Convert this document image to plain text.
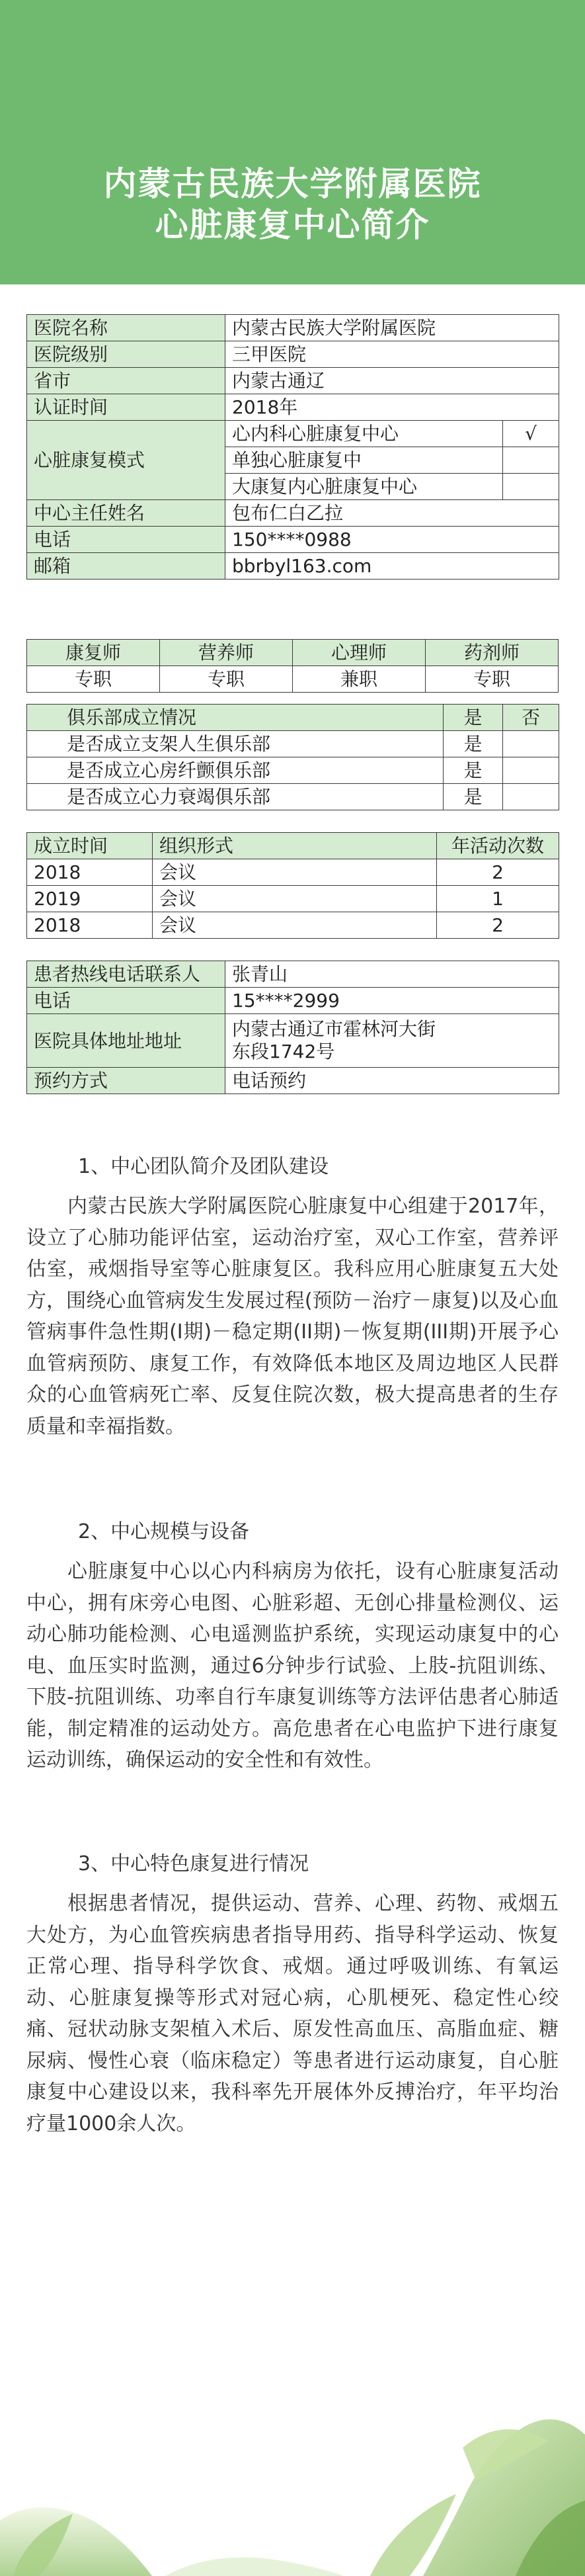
内蒙古民族大学附属医院
心脏康复中心简介
医院名称	内蒙古民族大学附属医院	
医院级别	三甲医院	
省市	内蒙古通辽	
认证时间	2018年	
心脏康复模式	心内科心脏康复中心	√
	单独心脏康复中	
	大康复内心脏康复中心	
中心主任姓名	包布仁白乙拉	
电话	150****0988	
邮箱	bbrbyl163.com	
康复师	营养师	心理师	药剂师
专职	专职	兼职	专职
俱乐部成立情况	是	否
是否成立支架人生俱乐部	是	
是否成立心房纤颤俱乐部	是	
是否成立心力衰竭俱乐部	是	
成立时间	组织形式	年活动次数
2018	会议	2
2019	会议	1
2018	会议	2
患者热线电话联系人	张青山
电话	15****2999
医院具体地址地址	内蒙古通辽市霍林河大街
东段1742号
预约方式	电话预约

1、中心团队简介及团队建设

内蒙古民族大学附属医院心脏康复中心组建于2017年，设立了心肺功能评估室，运动治疗室，双心工作室，营养评估室，戒烟指导室等心脏康复区。我科应用心脏康复五大处方，围绕心血管病发生发展过程(预防－治疗－康复)以及心血管病事件急性期(I期)－稳定期(II期)－恢复期(III期)开展予心血管病预防、康复工作，有效降低本地区及周边地区人民群众的心血管病死亡率、反复住院次数，极大提高患者的生存质量和幸福指数。

2、中心规模与设备

心脏康复中心以心内科病房为依托，设有心脏康复活动中心，拥有床旁心电图、心脏彩超、无创心排量检测仪、运动心肺功能检测、心电遥测监护系统，实现运动康复中的心电、血压实时监测，通过6分钟步行试验、上肢-抗阻训练、下肢-抗阻训练、功率自行车康复训练等方法评估患者心肺适能，制定精准的运动处方。高危患者在心电监护下进行康复运动训练，确保运动的安全性和有效性。

3、中心特色康复进行情况

根据患者情况，提供运动、营养、心理、药物、戒烟五大处方，为心血管疾病患者指导用药、指导科学运动、恢复正常心理、指导科学饮食、戒烟。通过呼吸训练、有氧运动、心脏康复操等形式对冠心病，心肌梗死、稳定性心绞痛、冠状动脉支架植入术后、原发性高血压、高脂血症、糖尿病、慢性心衰（临床稳定）等患者进行运动康复，自心脏康复中心建设以来，我科率先开展体外反搏治疗，年平均治疗量1000余人次。
